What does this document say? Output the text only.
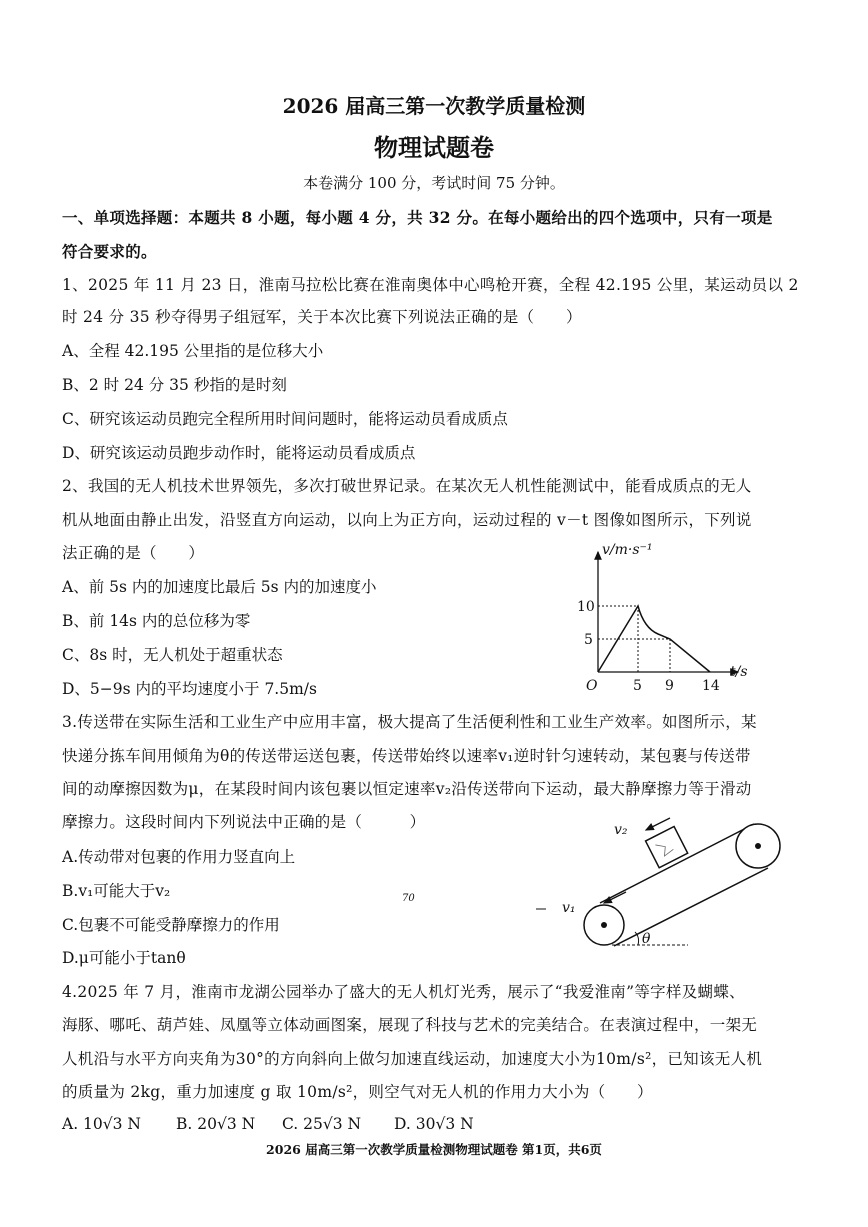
2026 届高三第一次教学质量检测
物理试题卷
本卷满分 100 分，考试时间 75 分钟。
一、单项选择题：本题共 8 小题，每小题 4 分，共 32 分。在每小题给出的四个选项中，只有一项是
符合要求的。
1、2025 年 11 月 23 日，淮南马拉松比赛在淮南奥体中心鸣枪开赛，全程 42.195 公里，某运动员以 2
时 24 分 35 秒夺得男子组冠军，关于本次比赛下列说法正确的是（　　）
A、全程 42.195 公里指的是位移大小
B、2 时 24 分 35 秒指的是时刻
C、研究该运动员跑完全程所用时间问题时，能将运动员看成质点
D、研究该运动员跑步动作时，能将运动员看成质点
2、我国的无人机技术世界领先，多次打破世界记录。在某次无人机性能测试中，能看成质点的无人
机从地面由静止出发，沿竖直方向运动，以向上为正方向，运动过程的 v－t 图像如图所示，下列说
法正确的是（　　）
A、前 5s 内的加速度比最后 5s 内的加速度小
B、前 14s 内的总位移为零
C、8s 时，无人机处于超重状态
D、5−9s 内的平均速度小于 7.5m/s
v/m·s⁻¹
t/s
O
10
5
5 9 14
3.传送带在实际生活和工业生产中应用丰富，极大提高了生活便利性和工业生产效率。如图所示，某
快递分拣车间用倾角为θ的传送带运送包裹，传送带始终以速率v₁逆时针匀速转动，某包裹与传送带
间的动摩擦因数为μ，在某段时间内该包裹以恒定速率v₂沿传送带向下运动，最大静摩擦力等于滑动
摩擦力。这段时间内下列说法中正确的是（　　　）
A.传动带对包裹的作用力竖直向上
B.v₁可能大于v₂
C.包裹不可能受静摩擦力的作用
D.μ可能小于tanθ
70
θ
v₂
v₁
4.2025 年 7 月，淮南市龙湖公园举办了盛大的无人机灯光秀，展示了“我爱淮南”等字样及蝴蝶、
海豚、哪吒、葫芦娃、凤凰等立体动画图案，展现了科技与艺术的完美结合。在表演过程中，一架无
人机沿与水平方向夹角为30°的方向斜向上做匀加速直线运动，加速度大小为10m/s²，已知该无人机
的质量为 2kg，重力加速度 g 取 10m/s²，则空气对无人机的作用力大小为（　　）
A. 10√3 N B. 20√3 N C. 25√3 N D. 30√3 N
2026 届高三第一次教学质量检测物理试题卷 第1页，共6页
